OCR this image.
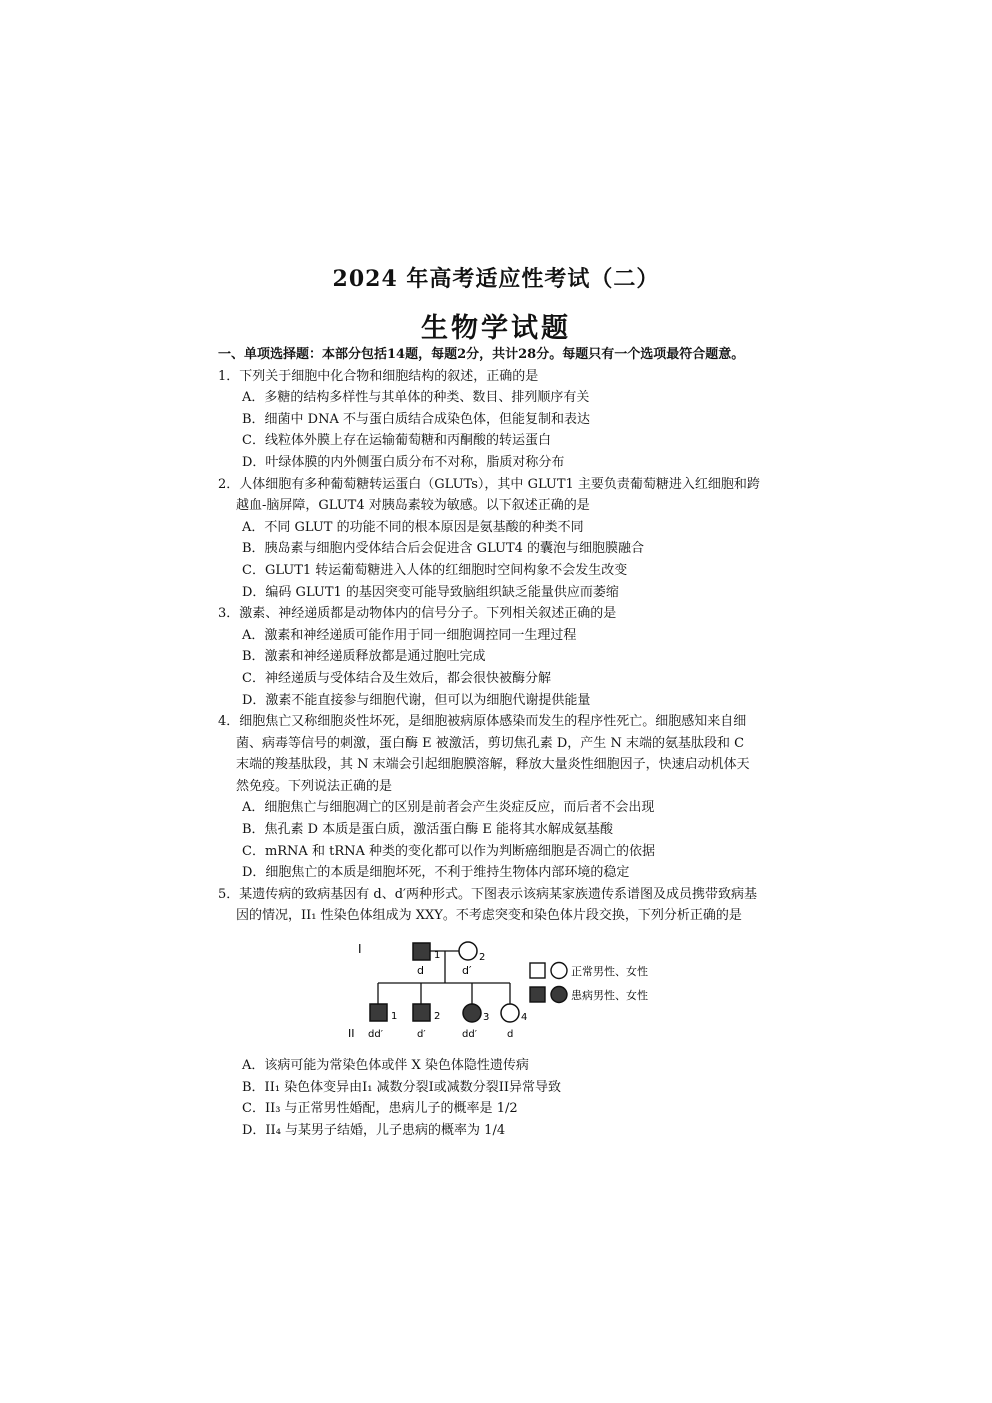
2024 年高考适应性考试（二）
生物学试题

一、单项选择题：本部分包括14题，每题2分，共计28分。每题只有一个选项最符合题意。

1．下列关于细胞中化合物和细胞结构的叙述，正确的是

A．多糖的结构多样性与其单体的种类、数目、排列顺序有关

B．细菌中 DNA 不与蛋白质结合成染色体，但能复制和表达

C．线粒体外膜上存在运输葡萄糖和丙酮酸的转运蛋白

D．叶绿体膜的内外侧蛋白质分布不对称，脂质对称分布

2．人体细胞有多种葡萄糖转运蛋白（GLUTs），其中 GLUT1 主要负责葡萄糖进入红细胞和跨

越血-脑屏障，GLUT4 对胰岛素较为敏感。以下叙述正确的是

A．不同 GLUT 的功能不同的根本原因是氨基酸的种类不同

B．胰岛素与细胞内受体结合后会促进含 GLUT4 的囊泡与细胞膜融合

C．GLUT1 转运葡萄糖进入人体的红细胞时空间构象不会发生改变

D．编码 GLUT1 的基因突变可能导致脑组织缺乏能量供应而萎缩

3．激素、神经递质都是动物体内的信号分子。下列相关叙述正确的是

A．激素和神经递质可能作用于同一细胞调控同一生理过程

B．激素和神经递质释放都是通过胞吐完成

C．神经递质与受体结合及生效后，都会很快被酶分解

D．激素不能直接参与细胞代谢，但可以为细胞代谢提供能量

4．细胞焦亡又称细胞炎性坏死，是细胞被病原体感染而发生的程序性死亡。细胞感知来自细

菌、病毒等信号的刺激，蛋白酶 E 被激活，剪切焦孔素 D，产生 N 末端的氨基肽段和 C

末端的羧基肽段，其 N 末端会引起细胞膜溶解，释放大量炎性细胞因子，快速启动机体天

然免疫。下列说法正确的是

A．细胞焦亡与细胞凋亡的区别是前者会产生炎症反应，而后者不会出现

B．焦孔素 D 本质是蛋白质，激活蛋白酶 E 能将其水解成氨基酸

C．mRNA 和 tRNA 种类的变化都可以作为判断癌细胞是否凋亡的依据

D．细胞焦亡的本质是细胞坏死，不利于维持生物体内部环境的稳定

5．某遗传病的致病基因有 d、d′两种形式。下图表示该病某家族遗传系谱图及成员携带致病基

因的情况，II₁ 性染色体组成为 XXY。不考虑突变和染色体片段交换，下列分析正确的是

I
II
1
d
2
d′
1
dd′
2
d′
3
dd′
4
d
正常男性、女性
患病男性、女性

A．该病可能为常染色体或伴 X 染色体隐性遗传病

B．II₁ 染色体变异由I₁ 减数分裂I或减数分裂II异常导致

C．II₃ 与正常男性婚配，患病儿子的概率是 1/2

D．II₄ 与某男子结婚，儿子患病的概率为 1/4
